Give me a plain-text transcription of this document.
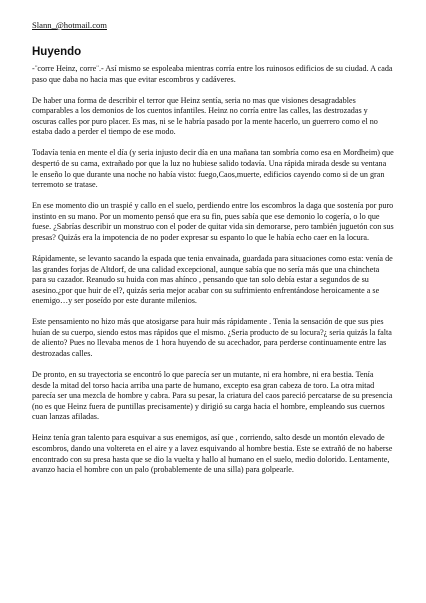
Slann_@hotmail.com
Huyendo

-¨corre Heinz, corre¨.- Así mismo se espoleaba mientras corría entre los ruinosos edificios de su ciudad. A cada paso que daba no hacia mas que evitar escombros y cadáveres.

De haber una forma de describir el terror que Heinz sentía, seria no mas que visiones desagradables comparables a los demonios de los cuentos infantiles. Heinz no corría entre las calles, las destrozadas y oscuras calles por puro placer. Es mas, ni se le habría pasado por la mente hacerlo, un guerrero como el no estaba dado a perder el tiempo de ese modo.

Todavía tenia en mente el día (y seria injusto decir día en una mañana tan sombría como esa en Mordheim) que despertó de su cama, extrañado por que la luz no hubiese salido todavía. Una rápida mirada desde su ventana le enseño lo que durante una noche no había visto: fuego,Caos,muerte, edificios cayendo como si de un gran terremoto se tratase.

En ese momento dio un traspié y callo en el suelo, perdiendo entre los escombros la daga que sostenía por puro instinto en su mano. Por un momento pensó que era su fin, pues sabía que ese demonio lo cogería, o lo que fuese. ¿Sabrías describir un monstruo con el poder de quitar vida sin demorarse, pero también juguetón con sus presas? Quizás era la impotencia de no poder expresar su espanto lo que le había echo caer en la locura.

Rápidamente, se levanto sacando la espada que tenia envainada, guardada para situaciones como esta: venía de las grandes forjas de Altdorf, de una calidad excepcional, aunque sabía que no sería más que una chincheta para su cazador. Reanudo su huida con mas ahínco , pensando que tan solo debía estar a segundos de su asesino.¿por que huir de el?, quizás seria mejor acabar con su sufrimiento enfrentándose heroicamente a se enemigo…y ser poseído por este durante milenios.

Este pensamiento no hizo más que atosigarse para huir más rápidamente . Tenia la sensación de que sus pies huían de su cuerpo, siendo estos mas rápidos que el mismo. ¿Seria producto de su locura?¿ seria quizás la falta de aliento? Pues no llevaba menos de 1 hora huyendo de su acechador, para perderse continuamente entre las destrozadas calles.

De pronto, en su trayectoria se encontró lo que parecía ser un mutante, ni era hombre, ni era bestia. Tenía desde la mitad del torso hacia arriba una parte de humano, excepto esa gran cabeza de toro. La otra mitad parecía ser una mezcla de hombre y cabra. Para su pesar, la criatura del caos pareció percatarse de su presencia (no es que Heinz fuera de puntillas precisamente) y dirigió su carga hacia el hombre, empleando sus cuernos cuan lanzas afiladas.

Heinz tenía gran talento para esquivar a sus enemigos, así que , corriendo, salto desde un montón elevado de escombros, dando una voltereta en el aire y a lavez esquivando al hombre bestia. Este se extrañó de no haberse encontrado con su presa hasta que se dio la vuelta y hallo al humano en el suelo, medio dolorido. Lentamente, avanzo hacia el hombre con un palo (probablemente de una silla) para golpearle.
